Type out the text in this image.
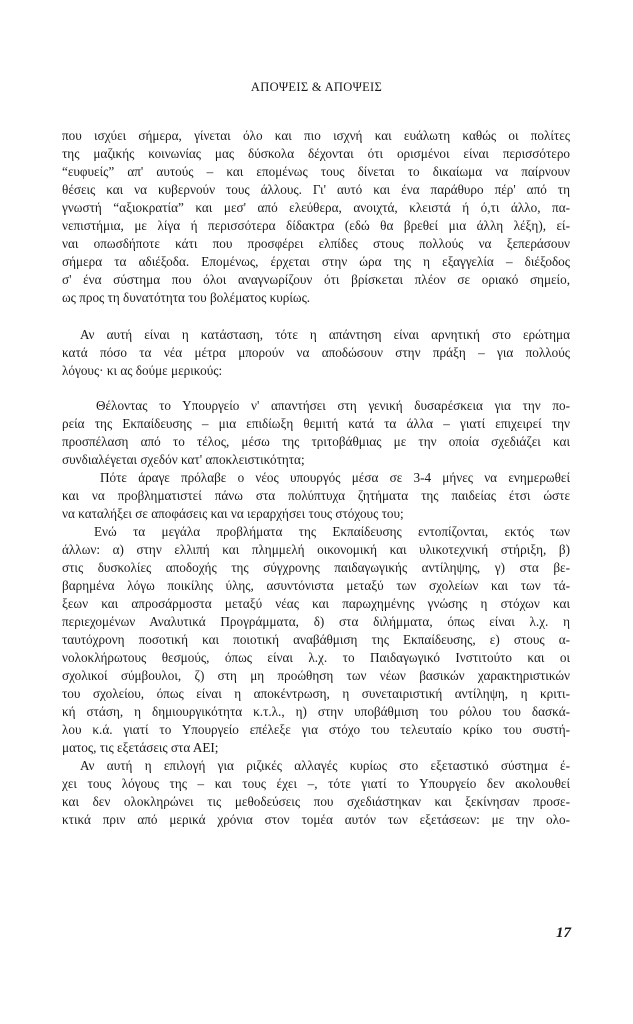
ΑΠΟΨΕΙΣ & ΑΠΟΨΕΙΣ
που ισχύει σήμερα, γίνεται όλο και πιο ισχνή και ευάλωτη καθώς οι πολίτες
της μαζικής κοινωνίας μας δύσκολα δέχονται ότι ορισμένοι είναι περισσότερο
“ευφυείς” απ' αυτούς – και επομένως τους δίνεται το δικαίωμα να παίρνουν
θέσεις και να κυβερνούν τους άλλους. Γι' αυτό και ένα παράθυρο πέρ' από τη
γνωστή “αξιοκρατία” και μεσ' από ελεύθερα, ανοιχτά, κλειστά ή ό,τι άλλο, πα-
νεπιστήμια, με λίγα ή περισσότερα δίδακτρα (εδώ θα βρεθεί μια άλλη λέξη), εί-
ναι οπωσδήποτε κάτι που προσφέρει ελπίδες στους πολλούς να ξεπεράσουν
σήμερα τα αδιέξοδα. Επομένως, έρχεται στην ώρα της η εξαγγελία – διέξοδος
σ' ένα σύστημα που όλοι αναγνωρίζουν ότι βρίσκεται πλέον σε οριακό σημείο,
ως προς τη δυνατότητα του βολέματος κυρίως.
Αν αυτή είναι η κατάσταση, τότε η απάντηση είναι αρνητική στο ερώτημα
κατά πόσο τα νέα μέτρα μπορούν να αποδώσουν στην πράξη – για πολλούς
λόγους· κι ας δούμε μερικούς:
Θέλοντας το Υπουργείο ν' απαντήσει στη γενική δυσαρέσκεια για την πο-
ρεία της Εκπαίδευσης – μια επιδίωξη θεμιτή κατά τα άλλα – γιατί επιχειρεί την
προσπέλαση από το τέλος, μέσω της τριτοβάθμιας με την οποία σχεδιάζει και
συνδιαλέγεται σχεδόν κατ' αποκλειστικότητα;
Πότε άραγε πρόλαβε ο νέος υπουργός μέσα σε 3-4 μήνες να ενημερωθεί
και να προβληματιστεί πάνω στα πολύπτυχα ζητήματα της παιδείας έτσι ώστε
να καταλήξει σε αποφάσεις και να ιεραρχήσει τους στόχους του;
Ενώ τα μεγάλα προβλήματα της Εκπαίδευσης εντοπίζονται, εκτός των
άλλων: α) στην ελλιπή και πλημμελή οικονομική και υλικοτεχνική στήριξη, β)
στις δυσκολίες αποδοχής της σύγχρονης παιδαγωγικής αντίληψης, γ) στα βε-
βαρημένα λόγω ποικίλης ύλης, ασυντόνιστα μεταξύ των σχολείων και των τά-
ξεων και απροσάρμοστα μεταξύ νέας και παρωχημένης γνώσης η στόχων και
περιεχομένων Αναλυτικά Προγράμματα, δ) στα διλήμματα, όπως είναι λ.χ. η
ταυτόχρονη ποσοτική και ποιοτική αναβάθμιση της Εκπαίδευσης, ε) στους α-
νολοκλήρωτους θεσμούς, όπως είναι λ.χ. το Παιδαγωγικό Ινστιτούτο και οι
σχολικοί σύμβουλοι, ζ) στη μη προώθηση των νέων βασικών χαρακτηριστικών
του σχολείου, όπως είναι η αποκέντρωση, η συνεταιριστική αντίληψη, η κριτι-
κή στάση, η δημιουργικότητα κ.τ.λ., η) στην υποβάθμιση του ρόλου του δασκά-
λου κ.ά. γιατί το Υπουργείο επέλεξε για στόχο του τελευταίο κρίκο του συστή-
ματος, τις εξετάσεις στα ΑΕΙ;
Αν αυτή η επιλογή για ριζικές αλλαγές κυρίως στο εξεταστικό σύστημα έ-
χει τους λόγους της – και τους έχει –, τότε γιατί το Υπουργείο δεν ακολουθεί
και δεν ολοκληρώνει τις μεθοδεύσεις που σχεδιάστηκαν και ξεκίνησαν προσε-
κτικά πριν από μερικά χρόνια στον τομέα αυτόν των εξετάσεων: με την ολο-
17
